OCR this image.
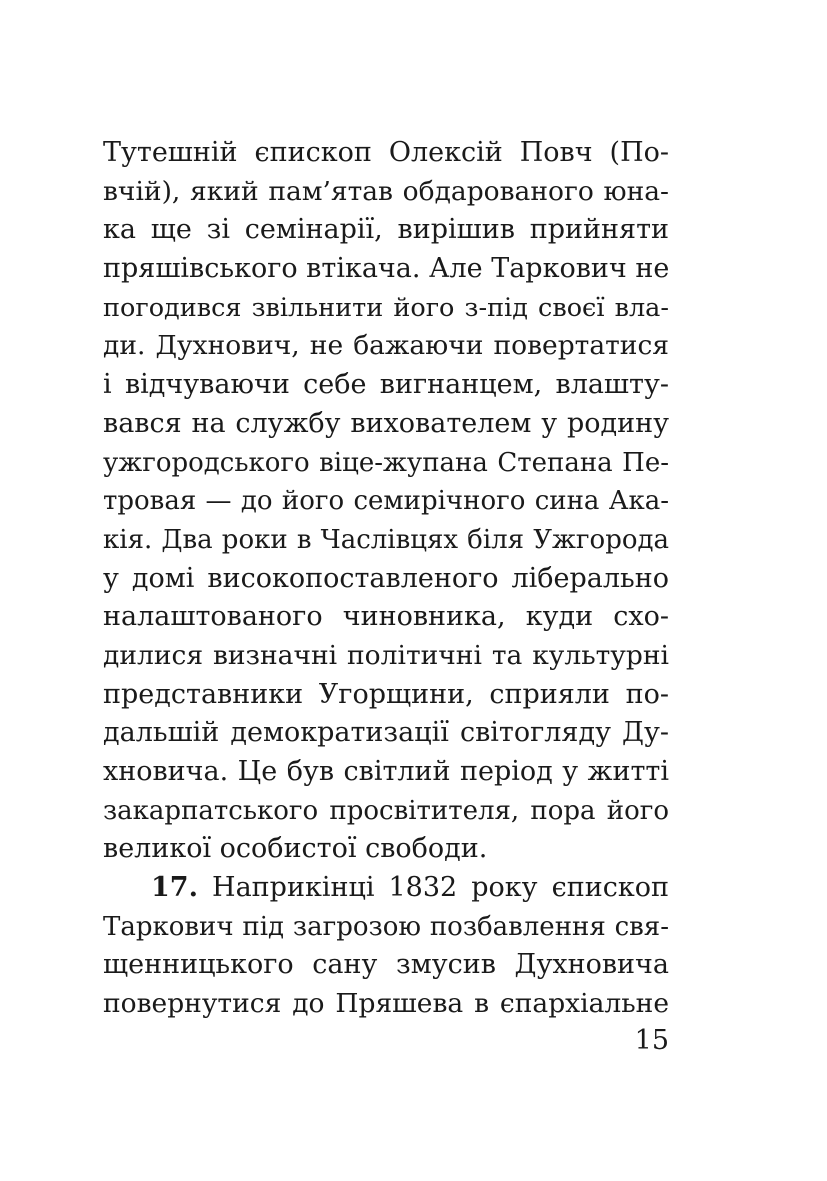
Тутешній єпископ Олексій Повч (По-
вчій), який пам’ятав обдарованого юна-
ка ще зі семінарії, вирішив прийняти
пряшівського втікача. Але Таркович не
погодився звільнити його з-під своєї вла-
ди. Духнович, не бажаючи повертатися
і відчуваючи себе вигнанцем, влашту-
вався на службу вихователем у родину
ужгородського віце-жупана Степана Пе-
тровая — до його семирічного сина Ака-
кія. Два роки в Часлівцях біля Ужгорода
у домі високопоставленого ліберально
налаштованого чиновника, куди схо-
дилися визначні політичні та культурні
представники Угорщини, сприяли по-
дальшій демократизації світогляду Ду-
хновича. Це був світлий період у житті
закарпатського просвітителя, пора його
великої особистої свободи.
17. Наприкінці 1832 року єпископ
Таркович під загрозою позбавлення свя-
щенницького сану змусив Духновича
повернутися до Пряшева в єпархіальне
15
